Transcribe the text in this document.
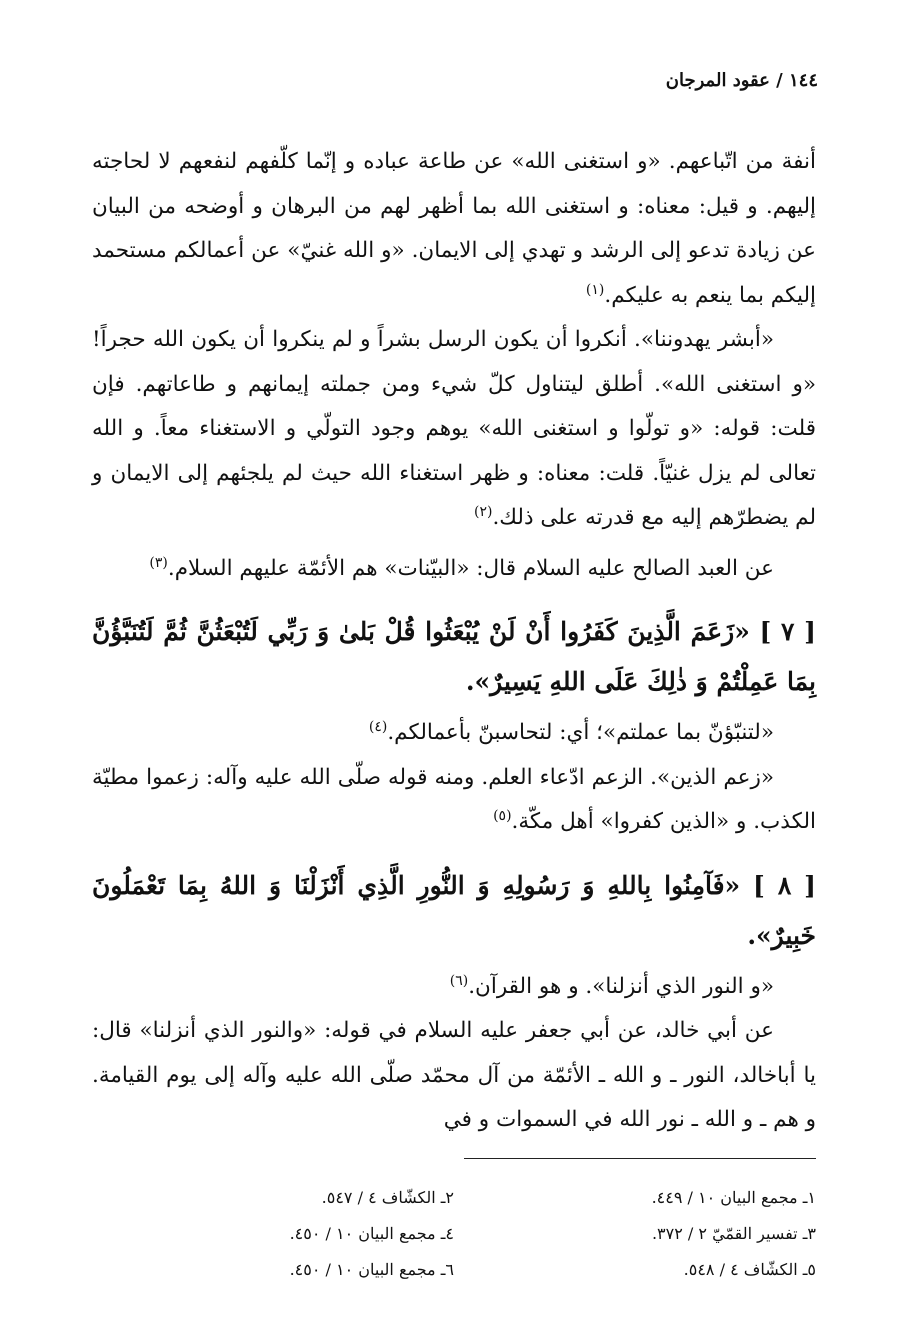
١٤٤ / عقود المرجان

أنفة من اتّباعهم. «و استغنى الله» عن طاعة عباده و إنّما كلّفهم لنفعهم لا لحاجته إليهم. و قيل: معناه: و استغنى الله بما أظهر لهم من البرهان و أوضحه من البيان عن زيادة تدعو إلى الرشد و تهدي إلى الايمان. «و الله غنيّ» عن أعمالكم مستحمد إليكم بما ينعم به عليكم.$^{(١)}$

«أبشر يهدوننا». أنكروا أن يكون الرسل بشراً و لم ينكروا أن يكون الله حجراً! «و استغنى الله». أطلق ليتناول كلّ شيء ومن جملته إيمانهم و طاعاتهم. فإن قلت: قوله: «و تولّوا و استغنى الله» يوهم وجود التولّي و الاستغناء معاً. و الله تعالى لم يزل غنيّاً. قلت: معناه: و ظهر استغناء الله حيث لم يلجئهم إلى الايمان و لم يضطرّهم إليه مع قدرته على ذلك.$^{(٢)}$

عن العبد الصالح عليه السلام قال: «البيّنات» هم الأئمّة عليهم السلام.$^{(٣)}$

[ ٧ ] «زَعَمَ الَّذِينَ كَفَرُوا أَنْ لَنْ يُبْعَثُوا قُلْ بَلىٰ وَ رَبِّي لَتُبْعَثُنَّ ثُمَّ لَتُنَبَّؤُنَّ بِمَا عَمِلْتُمْ وَ ذٰلِكَ عَلَى اللهِ يَسِيرٌ».

«لتنبّؤنّ بما عملتم»؛ أي: لتحاسبنّ بأعمالكم.$^{(٤)}$

«زعم الذين». الزعم ادّعاء العلم. ومنه قوله صلّى الله عليه وآله: زعموا مطيّة الكذب. و «الذين كفروا» أهل مكّة.$^{(٥)}$

[ ٨ ] «فَآمِنُوا بِاللهِ وَ رَسُولِهِ وَ النُّورِ الَّذِي أَنْزَلْنَا وَ اللهُ بِمَا تَعْمَلُونَ خَبِيرٌ».

«و النور الذي أنزلنا». و هو القرآن.$^{(٦)}$

عن أبي خالد، عن أبي جعفر عليه السلام في قوله: «والنور الذي أنزلنا» قال: يا أباخالد، النور ـ و الله ـ الأئمّة من آل محمّد صلّى الله عليه وآله إلى يوم القيامة. و هم ـ و الله ـ نور الله في السموات و في

١ـ مجمع البيان ١٠ / ٤٤٩.
٢ـ الكشّاف ٤ / ٥٤٧.
٣ـ تفسير القمّيّ ٢ / ٣٧٢.
٤ـ مجمع البيان ١٠ / ٤٥٠.
٥ـ الكشّاف ٤ / ٥٤٨.
٦ـ مجمع البيان ١٠ / ٤٥٠.
